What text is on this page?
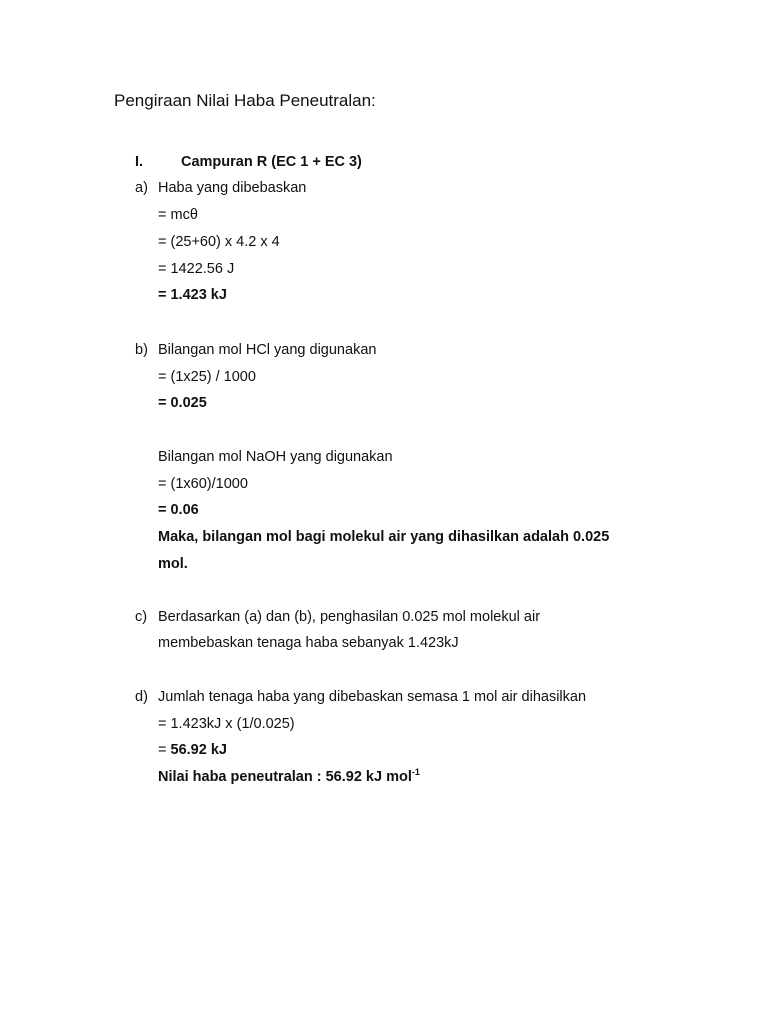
Pengiraan Nilai Haba Peneutralan:
I.	Campuran R (EC 1 + EC 3)
a) Haba yang dibebaskan
= mcθ
= (25+60) x 4.2 x 4
= 1422.56 J
= 1.423 kJ
b) Bilangan mol HCl yang digunakan
= (1x25) / 1000
= 0.025
Bilangan mol NaOH yang digunakan
= (1x60)/1000
= 0.06
Maka, bilangan mol bagi molekul air yang dihasilkan adalah 0.025
mol.
c) Berdasarkan (a) dan (b), penghasilan 0.025 mol molekul air
membebaskan tenaga haba sebanyak 1.423kJ
d) Jumlah tenaga haba yang dibebaskan semasa 1 mol air dihasilkan
= 1.423kJ x (1/0.025)
= 56.92 kJ
Nilai haba peneutralan : 56.92 kJ mol$^{-1}$
